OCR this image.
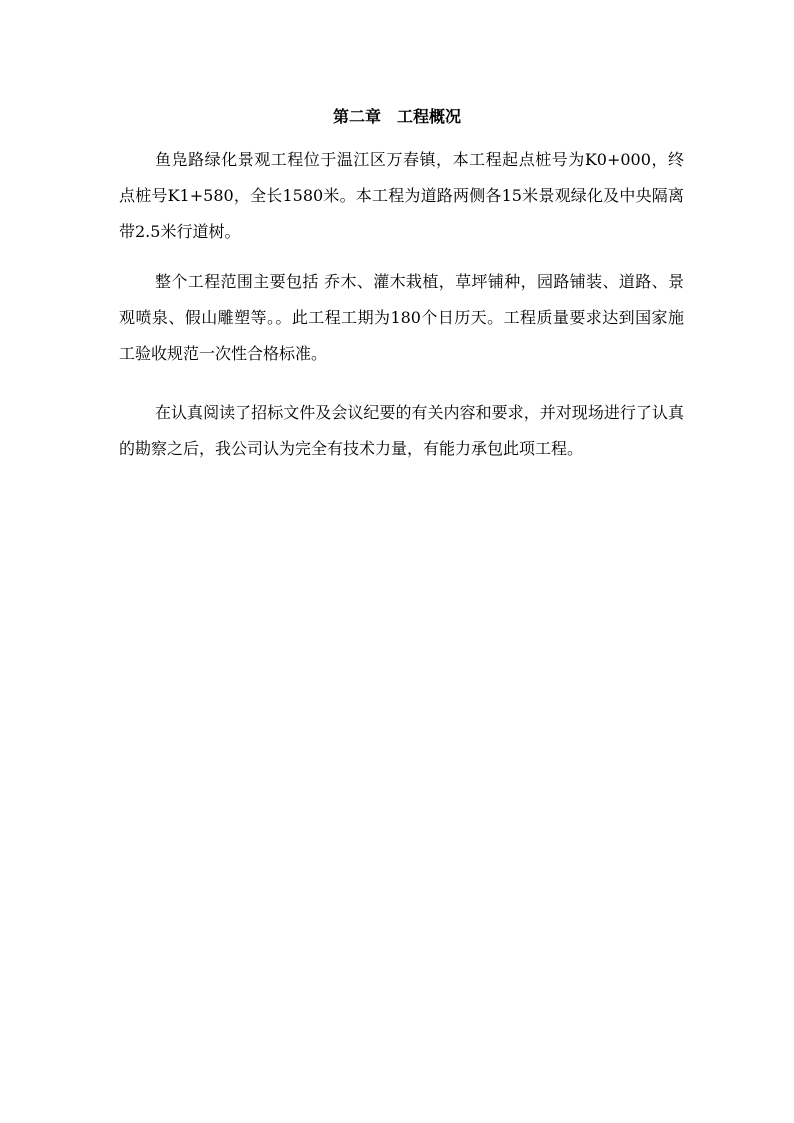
第二章　工程概况

鱼凫路绿化景观工程位于温江区万春镇，本工程起点桩号为K0+000，终点桩号K1+580，全长1580米。本工程为道路两侧各15米景观绿化及中央隔离带2.5米行道树。

整个工程范围主要包括 乔木、灌木栽植，草坪铺种，园路铺装、道路、景观喷泉、假山雕塑等。。此工程工期为180个日历天。工程质量要求达到国家施工验收规范一次性合格标准。

在认真阅读了招标文件及会议纪要的有关内容和要求，并对现场进行了认真的勘察之后，我公司认为完全有技术力量，有能力承包此项工程。
